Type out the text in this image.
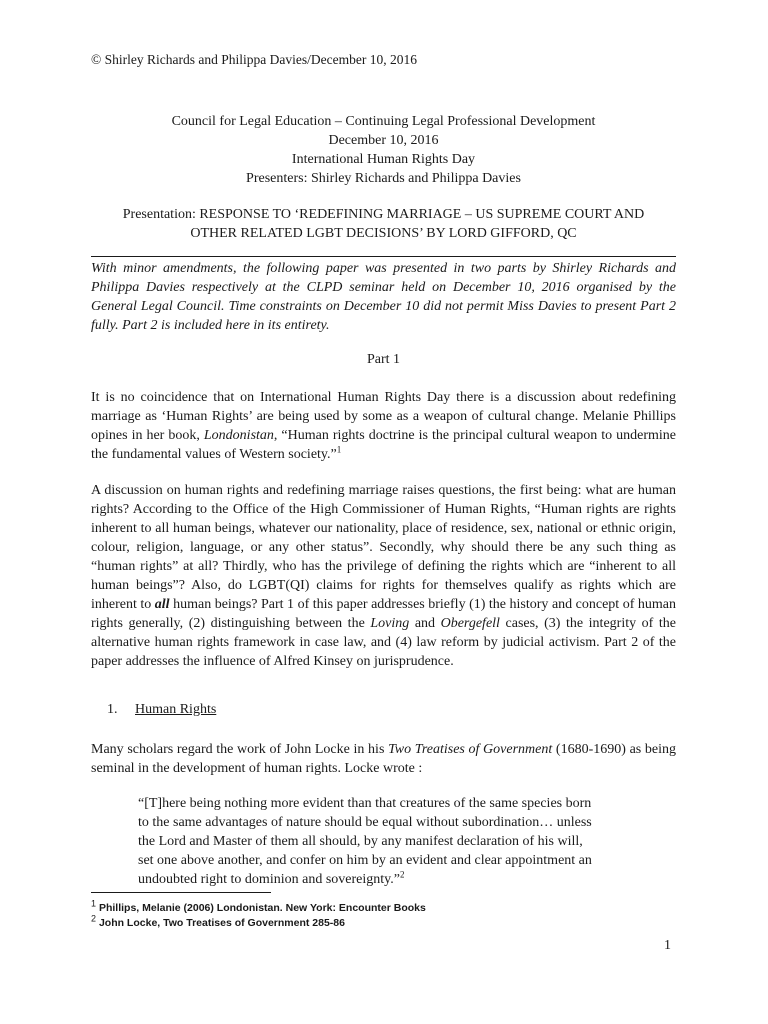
© Shirley Richards and Philippa Davies/December 10, 2016
Council for Legal Education – Continuing Legal Professional Development
December 10, 2016
International Human Rights Day
Presenters: Shirley Richards and Philippa Davies
Presentation: RESPONSE TO ‘REDEFINING MARRIAGE – US SUPREME COURT AND
OTHER RELATED LGBT DECISIONS’ BY LORD GIFFORD, QC
With minor amendments, the following paper was presented in two parts by Shirley Richards and Philippa Davies respectively at the CLPD seminar held on December 10, 2016 organised by the General Legal Council. Time constraints on December 10 did not permit Miss Davies to present Part 2 fully. Part 2 is included here in its entirety.
Part 1
It is no coincidence that on International Human Rights Day there is a discussion about redefining marriage as ‘Human Rights’ are being used by some as a weapon of cultural change. Melanie Phillips opines in her book, Londonistan, “Human rights doctrine is the principal cultural weapon to undermine the fundamental values of Western society.”$^1$
A discussion on human rights and redefining marriage raises questions, the first being: what are human rights? According to the Office of the High Commissioner of Human Rights, “Human rights are rights inherent to all human beings, whatever our nationality, place of residence, sex, national or ethnic origin, colour, religion, language, or any other status”. Secondly, why should there be any such thing as “human rights” at all? Thirdly, who has the privilege of defining the rights which are “inherent to all human beings”? Also, do LGBT(QI) claims for rights for themselves qualify as rights which are inherent to all human beings? Part 1 of this paper addresses briefly (1) the history and concept of human rights generally, (2) distinguishing between the Loving and Obergefell cases, (3) the integrity of the alternative human rights framework in case law, and (4) law reform by judicial activism. Part 2 of the paper addresses the influence of Alfred Kinsey on jurisprudence.
1. Human Rights
Many scholars regard the work of John Locke in his Two Treatises of Government (1680-1690) as being seminal in the development of human rights. Locke wrote :
“[T]here being nothing more evident than that creatures of the same species born
to the same advantages of nature should be equal without subordination… unless
the Lord and Master of them all should, by any manifest declaration of his will,
set one above another, and confer on him by an evident and clear appointment an
undoubted right to dominion and sovereignty.”$^2$
$^1$ Phillips, Melanie (2006) Londonistan. New York: Encounter Books
$^2$ John Locke, Two Treatises of Government 285-86
1
